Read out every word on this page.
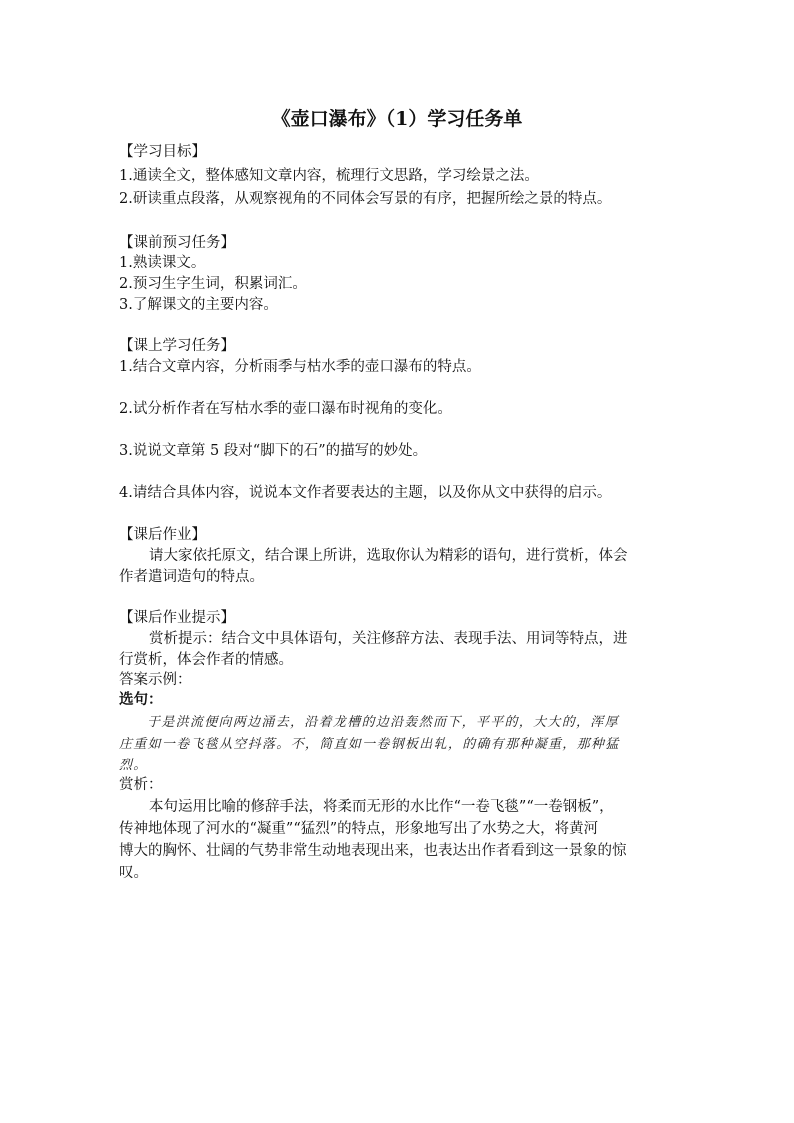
《壶口瀑布》（1）学习任务单
【学习目标】
1.通读全文，整体感知文章内容，梳理行文思路，学习绘景之法。
2.研读重点段落，从观察视角的不同体会写景的有序，把握所绘之景的特点。
【课前预习任务】
1.熟读课文。
2.预习生字生词，积累词汇。
3.了解课文的主要内容。
【课上学习任务】
1.结合文章内容，分析雨季与枯水季的壶口瀑布的特点。
2.试分析作者在写枯水季的壶口瀑布时视角的变化。
3.说说文章第 5 段对“脚下的石”的描写的妙处。
4.请结合具体内容，说说本文作者要表达的主题，以及你从文中获得的启示。
【课后作业】
请大家依托原文，结合课上所讲，选取你认为精彩的语句，进行赏析，体会
作者遣词造句的特点。
【课后作业提示】
赏析提示：结合文中具体语句，关注修辞方法、表现手法、用词等特点，进
行赏析，体会作者的情感。
答案示例：
选句：
于是洪流便向两边涌去，沿着龙槽的边沿轰然而下，平平的，大大的，浑厚
庄重如一卷飞毯从空抖落。不，简直如一卷钢板出轧，的确有那种凝重，那种猛
烈。
赏析：
本句运用比喻的修辞手法，将柔而无形的水比作“一卷飞毯”“一卷钢板”，
传神地体现了河水的“凝重”“猛烈”的特点，形象地写出了水势之大，将黄河
博大的胸怀、壮阔的气势非常生动地表现出来，也表达出作者看到这一景象的惊
叹。
